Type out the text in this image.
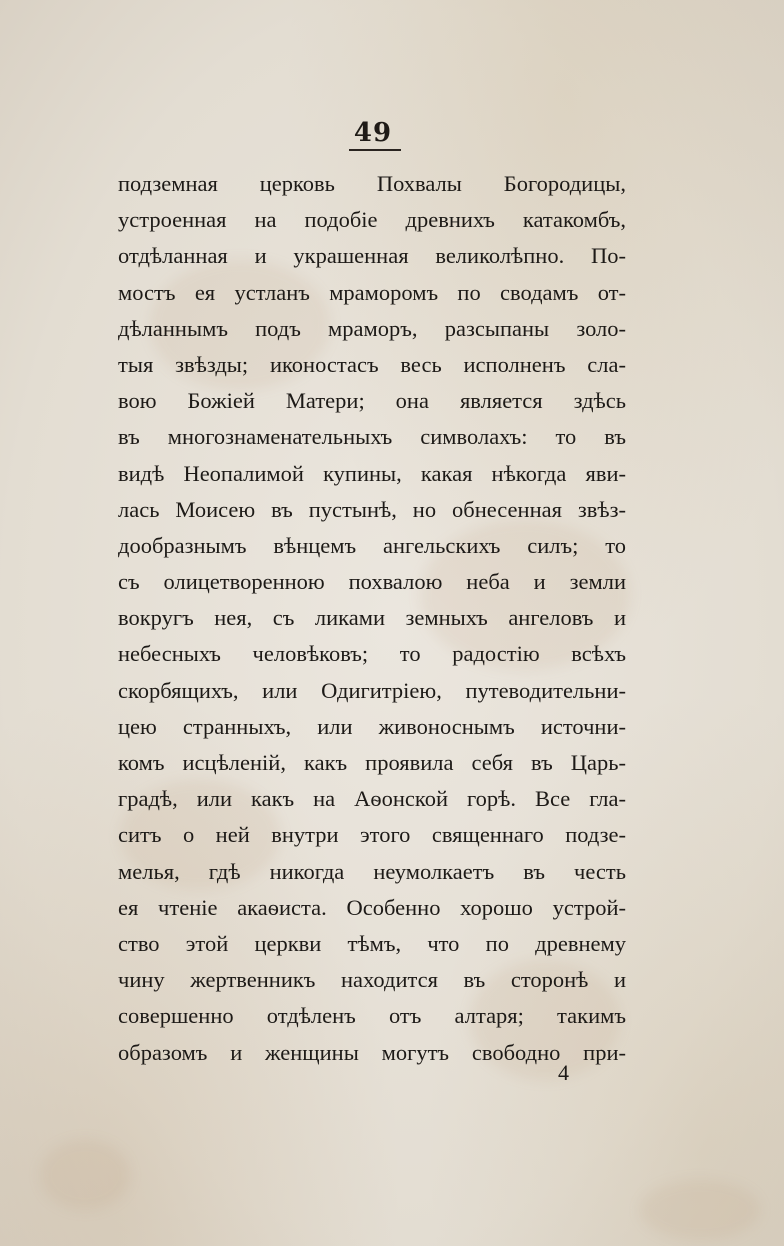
49
подземная церковь Похвалы Богородицы,
устроенная на подобіе древнихъ катакомбъ,
отдѣланная и украшенная великолѣпно. По-
мостъ ея устланъ мраморомъ по сводамъ от-
дѣланнымъ подъ мраморъ, разсыпаны золо-
тыя звѣзды; иконостасъ весь исполненъ сла-
вою Божіей Матери; она является здѣсь
въ многознаменательныхъ символахъ: то въ
видѣ Неопалимой купины, какая нѣкогда яви-
лась Моисею въ пустынѣ, но обнесенная звѣз-
дообразнымъ вѣнцемъ ангельскихъ силъ; то
съ олицетворенною похвалою неба и земли
вокругъ нея, съ ликами земныхъ ангеловъ и
небесныхъ человѣковъ; то радостію всѣхъ
скорбящихъ, или Одигитріею, путеводительни-
цею странныхъ, или живоноснымъ источни-
комъ исцѣленій, какъ проявила себя въ Царь-
градѣ, или какъ на Аѳонской горѣ. Все гла-
ситъ о ней внутри этого священнаго подзе-
мелья, гдѣ никогда неумолкаетъ въ честь
ея чтеніе акаѳиста. Особенно хорошо устрой-
ство этой церкви тѣмъ, что по древнему
чину жертвенникъ находится въ сторонѣ и
совершенно отдѣленъ отъ алтаря; такимъ
образомъ и женщины могутъ свободно при-
4
